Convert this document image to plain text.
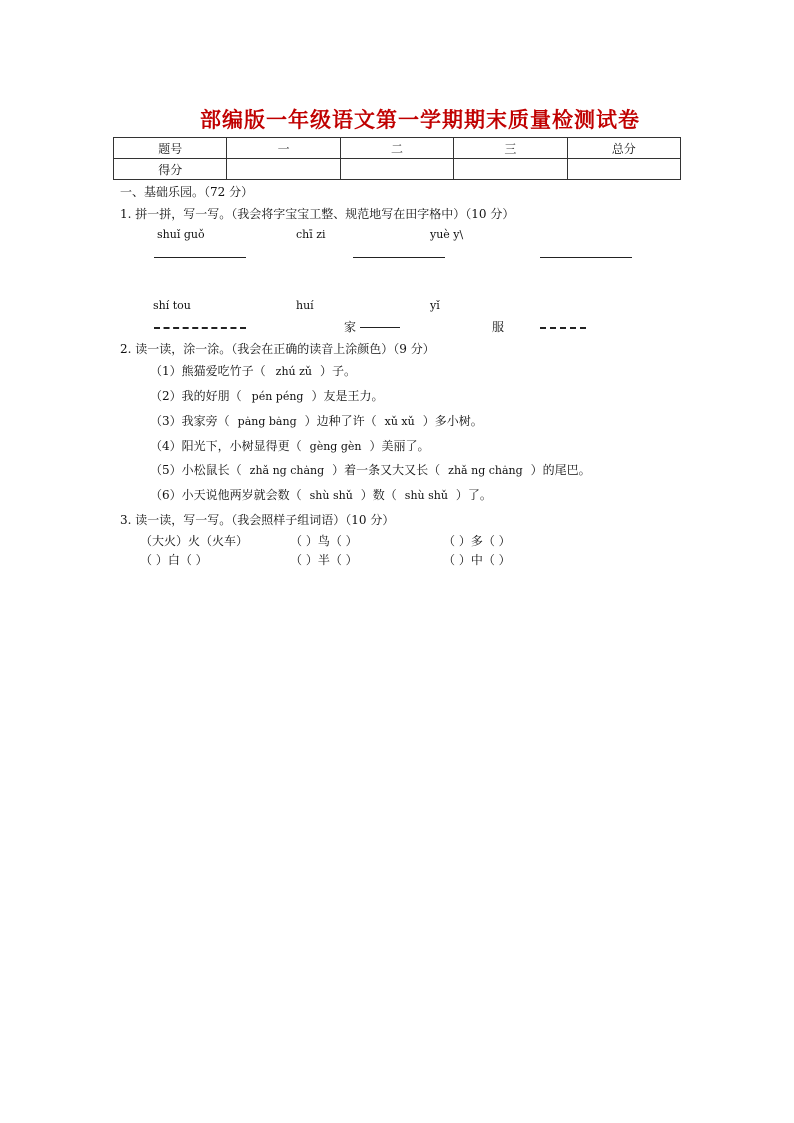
部编版一年级语文第一学期期末质量检测试卷
题号	一	二	三	总分
得分				
一、基础乐园。（72 分）
1. 拼一拼，写一写。（我会将字宝宝工整、规范地写在田字格中）（10 分）
shuǐ guǒ	chī zi	yuè y\
shí tou	huí	yǐ
家	服
2. 读一读，涂一涂。（我会在正确的读音上涂颜色）（9 分）
（1）熊猫爱吃竹子（ zhú zǔ ）子。
（2）我的好朋（ pén péng ）友是王力。
（3）我家旁（ pȧng bȧng ）边种了许（ xǔ xǔ ）多小树。
（4）阳光下，小树显得更（ gèng gèn ）美丽了。
（5）小松鼠长（ zhǎ ng chȧng ）着一条又大又长（ zhǎ ng chȧng ）的尾巴。
（6）小天说他两岁就会数（ shù shǔ ）数（ shù shǔ ）了。
3. 读一读，写一写。（我会照样子组词语）（10 分）
（大火）火（火车）	（ ）鸟（ ）	（ ）多（ ）
（ ）白（ ）	（ ）半（ ）	（ ）中（ ）
